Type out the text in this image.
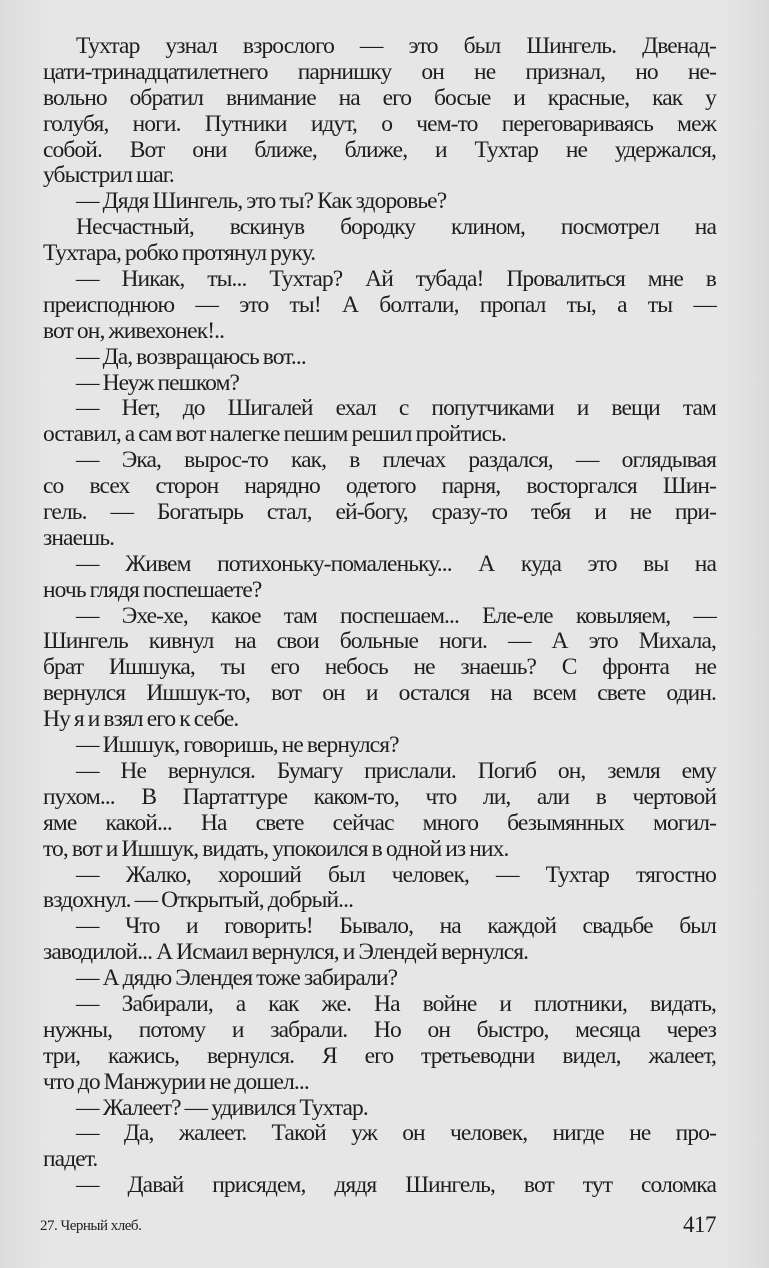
Тухтар узнал взрослого — это был Шингель. Двенад-
цати-тринадцатилетнего парнишку он не признал, но не-
вольно обратил внимание на его босые и красные, как у
голубя, ноги. Путники идут, о чем-то переговариваясь меж
собой. Вот они ближе, ближе, и Тухтар не удержался,
убыстрил шаг.
— Дядя Шингель, это ты? Как здоровье?
Несчастный, вскинув бородку клином, посмотрел на
Тухтара, робко протянул руку.
— Никак, ты... Тухтар? Ай тубада! Провалиться мне в
преисподнюю — это ты! А болтали, пропал ты, а ты —
вот он, живехонек!..
— Да, возвращаюсь вот...
— Неуж пешком?
— Нет, до Шигалей ехал с попутчиками и вещи там
оставил, а сам вот налегке пешим решил пройтись.
— Эка, вырос-то как, в плечах раздался, — оглядывая
со всех сторон нарядно одетого парня, восторгался Шин-
гель. — Богатырь стал, ей-богу, сразу-то тебя и не при-
знаешь.
— Живем потихоньку-помаленьку... А куда это вы на
ночь глядя поспешаете?
— Эхе-хе, какое там поспешаем... Еле-еле ковыляем, —
Шингель кивнул на свои больные ноги. — А это Михала,
брат Ишшука, ты его небось не знаешь? С фронта не
вернулся Ишшук-то, вот он и остался на всем свете один.
Ну я и взял его к себе.
— Ишшук, говоришь, не вернулся?
— Не вернулся. Бумагу прислали. Погиб он, земля ему
пухом... В Партаттуре каком-то, что ли, али в чертовой
яме какой... На свете сейчас много безымянных могил-
то, вот и Ишшук, видать, упокоился в одной из них.
— Жалко, хороший был человек, — Тухтар тягостно
вздохнул. — Открытый, добрый...
— Что и говорить! Бывало, на каждой свадьбе был
заводилой... А Исмаил вернулся, и Элендей вернулся.
— А дядю Элендея тоже забирали?
— Забирали, а как же. На войне и плотники, видать,
нужны, потому и забрали. Но он быстро, месяца через
три, кажись, вернулся. Я его третьеводни видел, жалеет,
что до Манжурии не дошел...
— Жалеет? — удивился Тухтар.
— Да, жалеет. Такой уж он человек, нигде не про-
падет.
— Давай присядем, дядя Шингель, вот тут соломка
27. Черный хлеб.	417
